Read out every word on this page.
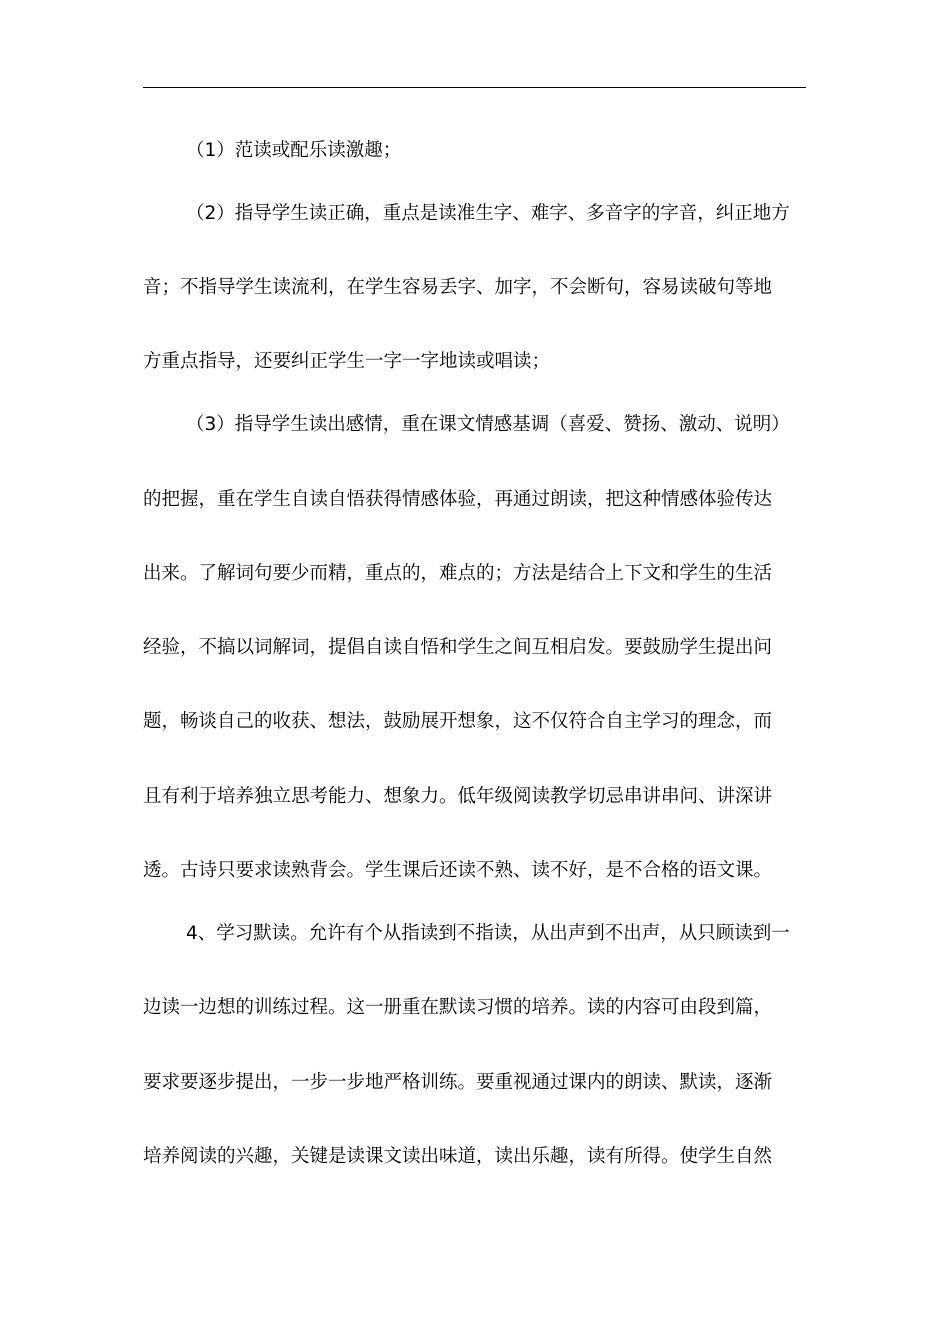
（1）范读或配乐读激趣；
（2）指导学生读正确，重点是读准生字、难字、多音字的字音，纠正地方
音；不指导学生读流利，在学生容易丢字、加字，不会断句，容易读破句等地
方重点指导，还要纠正学生一字一字地读或唱读；
（3）指导学生读出感情，重在课文情感基调（喜爱、赞扬、激动、说明）
的把握，重在学生自读自悟获得情感体验，再通过朗读，把这种情感体验传达
出来。了解词句要少而精，重点的，难点的；方法是结合上下文和学生的生活
经验，不搞以词解词，提倡自读自悟和学生之间互相启发。要鼓励学生提出问
题，畅谈自己的收获、想法，鼓励展开想象，这不仅符合自主学习的理念，而
且有利于培养独立思考能力、想象力。低年级阅读教学切忌串讲串问、讲深讲
透。古诗只要求读熟背会。学生课后还读不熟、读不好，是不合格的语文课。
4、学习默读。允许有个从指读到不指读，从出声到不出声，从只顾读到一
边读一边想的训练过程。这一册重在默读习惯的培养。读的内容可由段到篇，
要求要逐步提出，一步一步地严格训练。要重视通过课内的朗读、默读，逐渐
培养阅读的兴趣，关键是读课文读出味道，读出乐趣，读有所得。使学生自然
